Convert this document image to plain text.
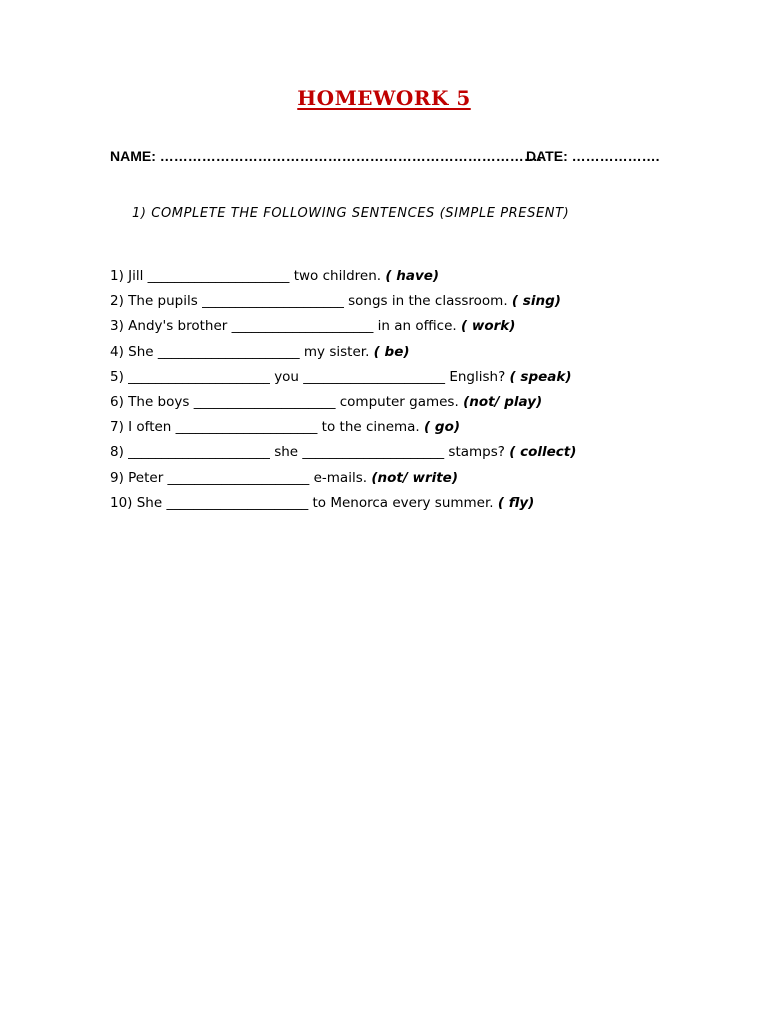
HOMEWORK 5
NAME: ……………………………………………………………………….
DATE: ……………….
1) COMPLETE THE FOLLOWING SENTENCES (SIMPLE PRESENT)
1) Jill _____________________ two children. ( have)
2) The pupils _____________________ songs in the classroom. ( sing)
3) Andy's brother _____________________ in an office. ( work)
4) She _____________________ my sister. ( be)
5) _____________________ you _____________________ English? ( speak)
6) The boys _____________________ computer games. (not/ play)
7) I often _____________________ to the cinema. ( go)
8) _____________________ she _____________________ stamps? ( collect)
9) Peter _____________________ e-mails. (not/ write)
10) She _____________________ to Menorca every summer. ( fly)
